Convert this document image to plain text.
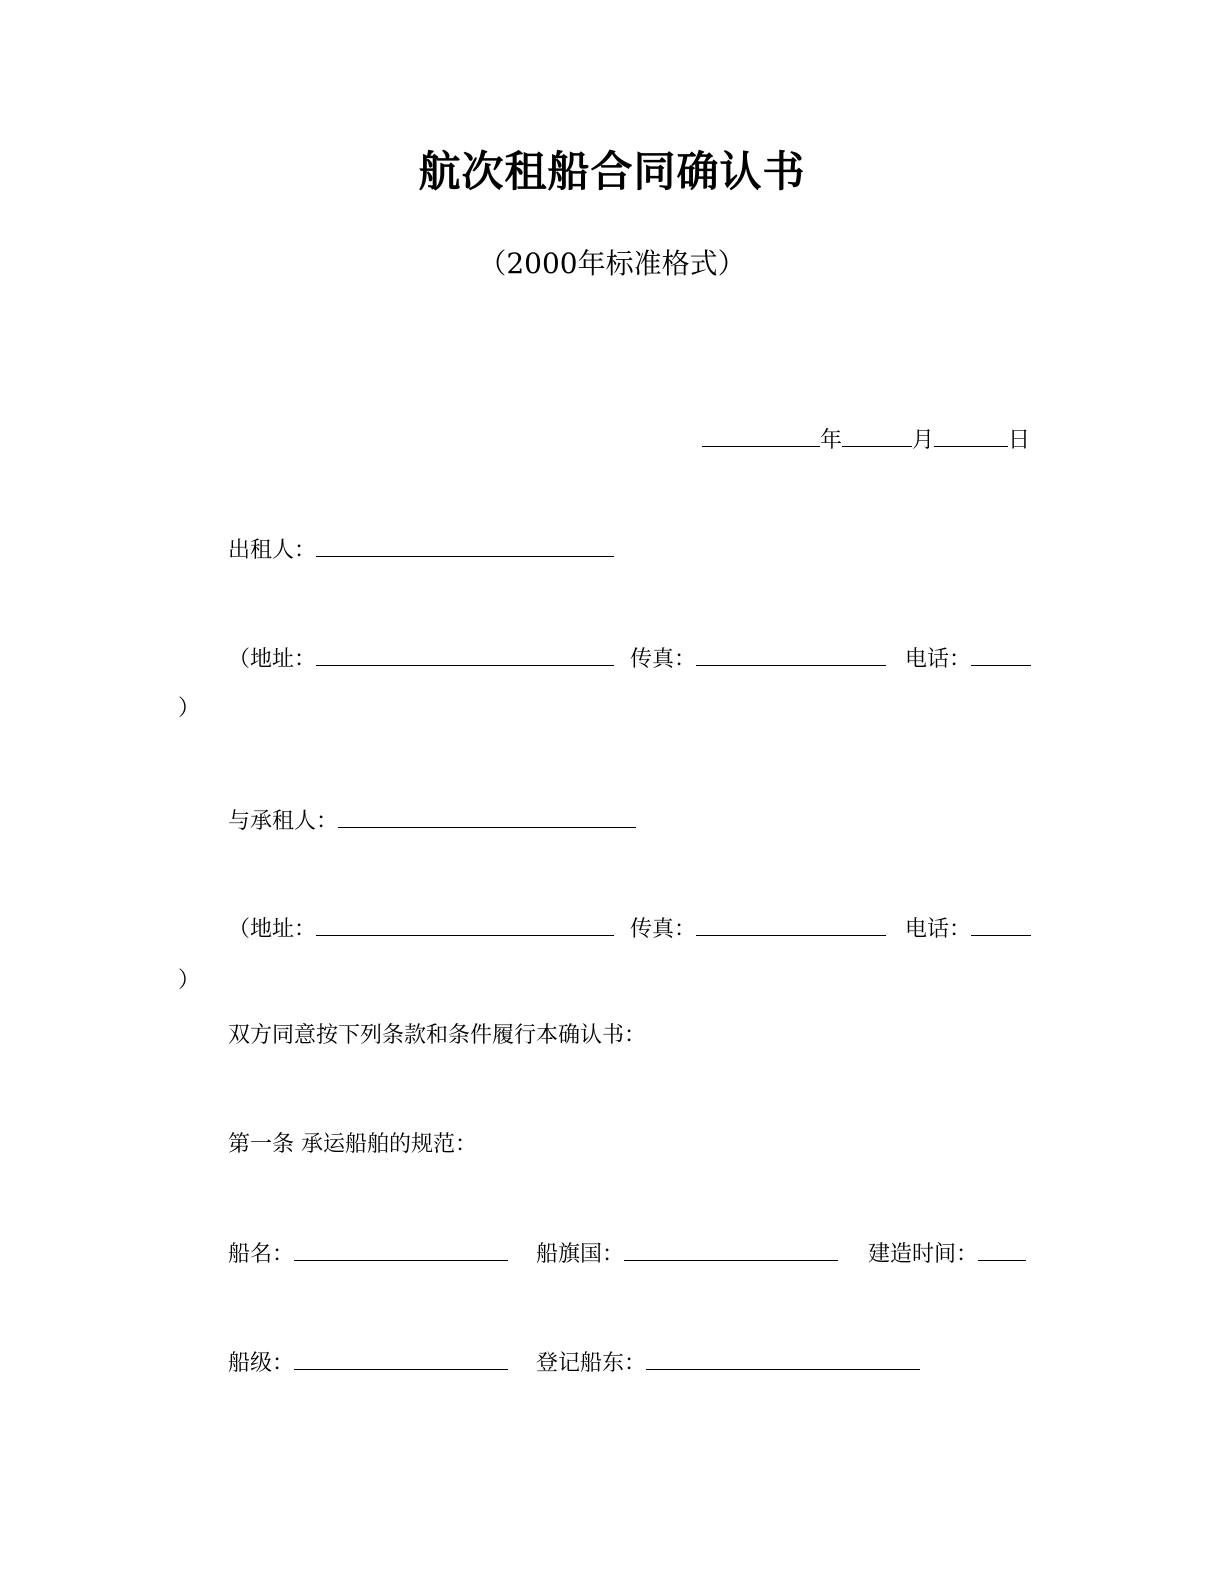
航次租船合同确认书
（2000年标准格式）
年	月	日
出租人：
（地址：	传真：	电话：
）
与承租人：
（地址：	传真：	电话：
）
双方同意按下列条款和条件履行本确认书：
第一条 承运船舶的规范：
船名：	船旗国：	建造时间：
船级：	登记船东：
